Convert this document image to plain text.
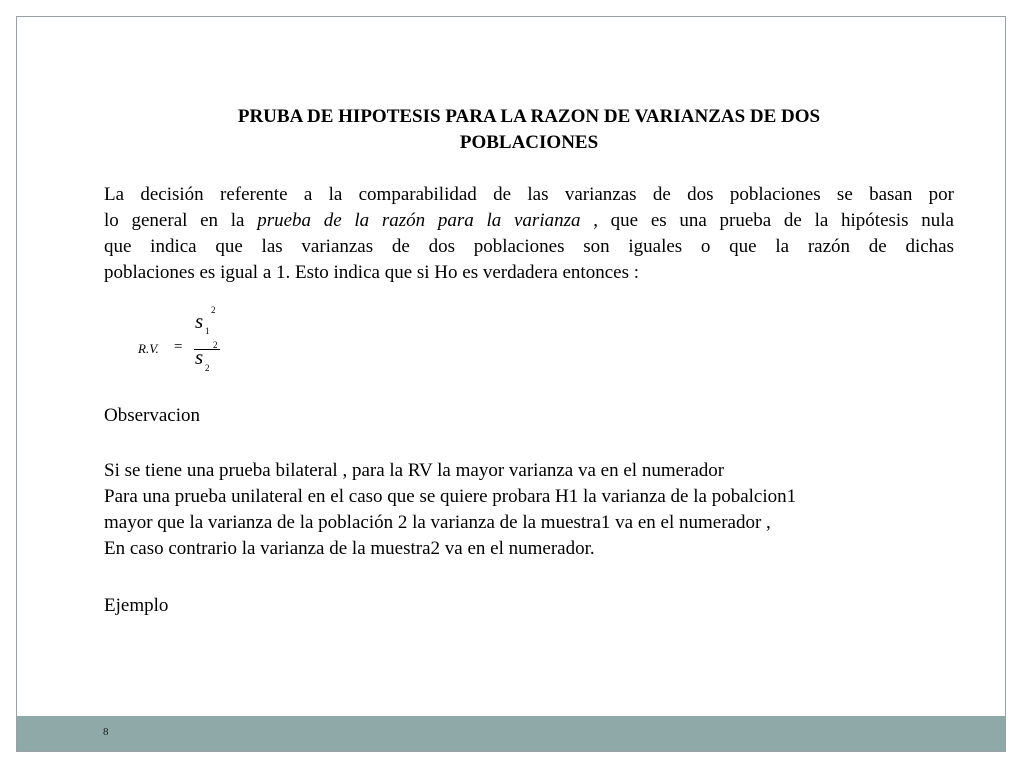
PRUBA DE HIPOTESIS PARA LA RAZON DE VARIANZAS DE DOS
POBLACIONES
La decisión referente a la comparabilidad de las varianzas de dos poblaciones se basan por
lo general en la prueba de la razón para la varianza , que es una prueba de la hipótesis nula
que indica que las varianzas de dos poblaciones son iguales o que la razón de dichas
poblaciones es igual a 1. Esto indica que si Ho es verdadera entonces :
R.V. =
s 1
2
s 2
2
Observacion
Si se tiene una prueba bilateral , para la RV la mayor varianza va en el numerador
Para una prueba unilateral en el caso que se quiere probara H1 la varianza de la pobalcion1
mayor que la varianza de la población 2 la varianza de la muestra1 va en el numerador ,
En caso contrario la varianza de la muestra2 va en el numerador.
Ejemplo
8
